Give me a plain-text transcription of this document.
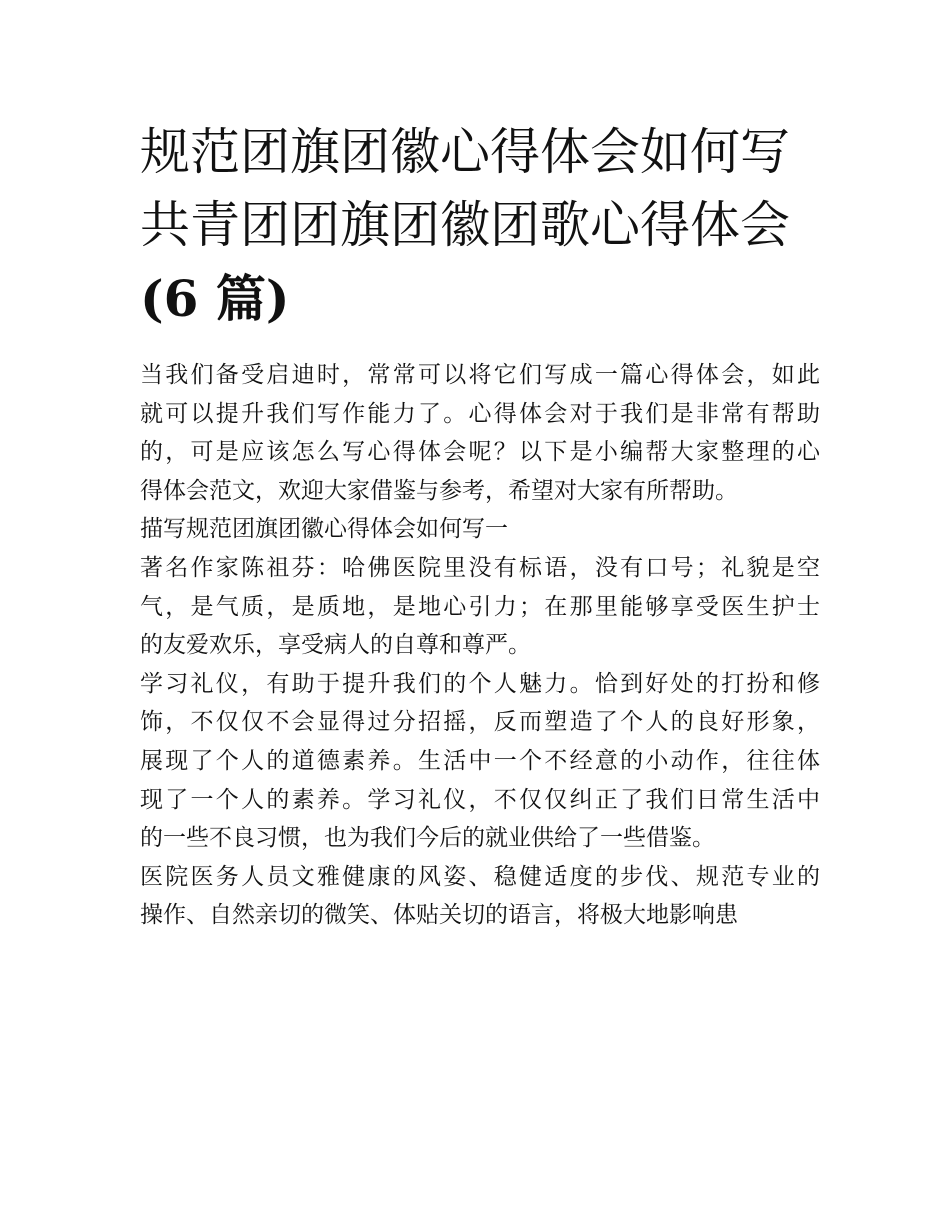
规范团旗团徽心得体会如何写
共青团团旗团徽团歌心得体会
(6 篇)

当我们备受启迪时，常常可以将它们写成一篇心得体会，如此
就可以提升我们写作能力了。心得体会对于我们是非常有帮助
的，可是应该怎么写心得体会呢？以下是小编帮大家整理的心
得体会范文，欢迎大家借鉴与参考，希望对大家有所帮助。

描写规范团旗团徽心得体会如何写一

著名作家陈祖芬：哈佛医院里没有标语，没有口号；礼貌是空
气，是气质，是质地，是地心引力；在那里能够享受医生护士
的友爱欢乐，享受病人的自尊和尊严。

学习礼仪，有助于提升我们的个人魅力。恰到好处的打扮和修
饰，不仅仅不会显得过分招摇，反而塑造了个人的良好形象，
展现了个人的道德素养。生活中一个不经意的小动作，往往体
现了一个人的素养。学习礼仪，不仅仅纠正了我们日常生活中
的一些不良习惯，也为我们今后的就业供给了一些借鉴。

医院医务人员文雅健康的风姿、稳健适度的步伐、规范专业的
操作、自然亲切的微笑、体贴关切的语言，将极大地影响患
